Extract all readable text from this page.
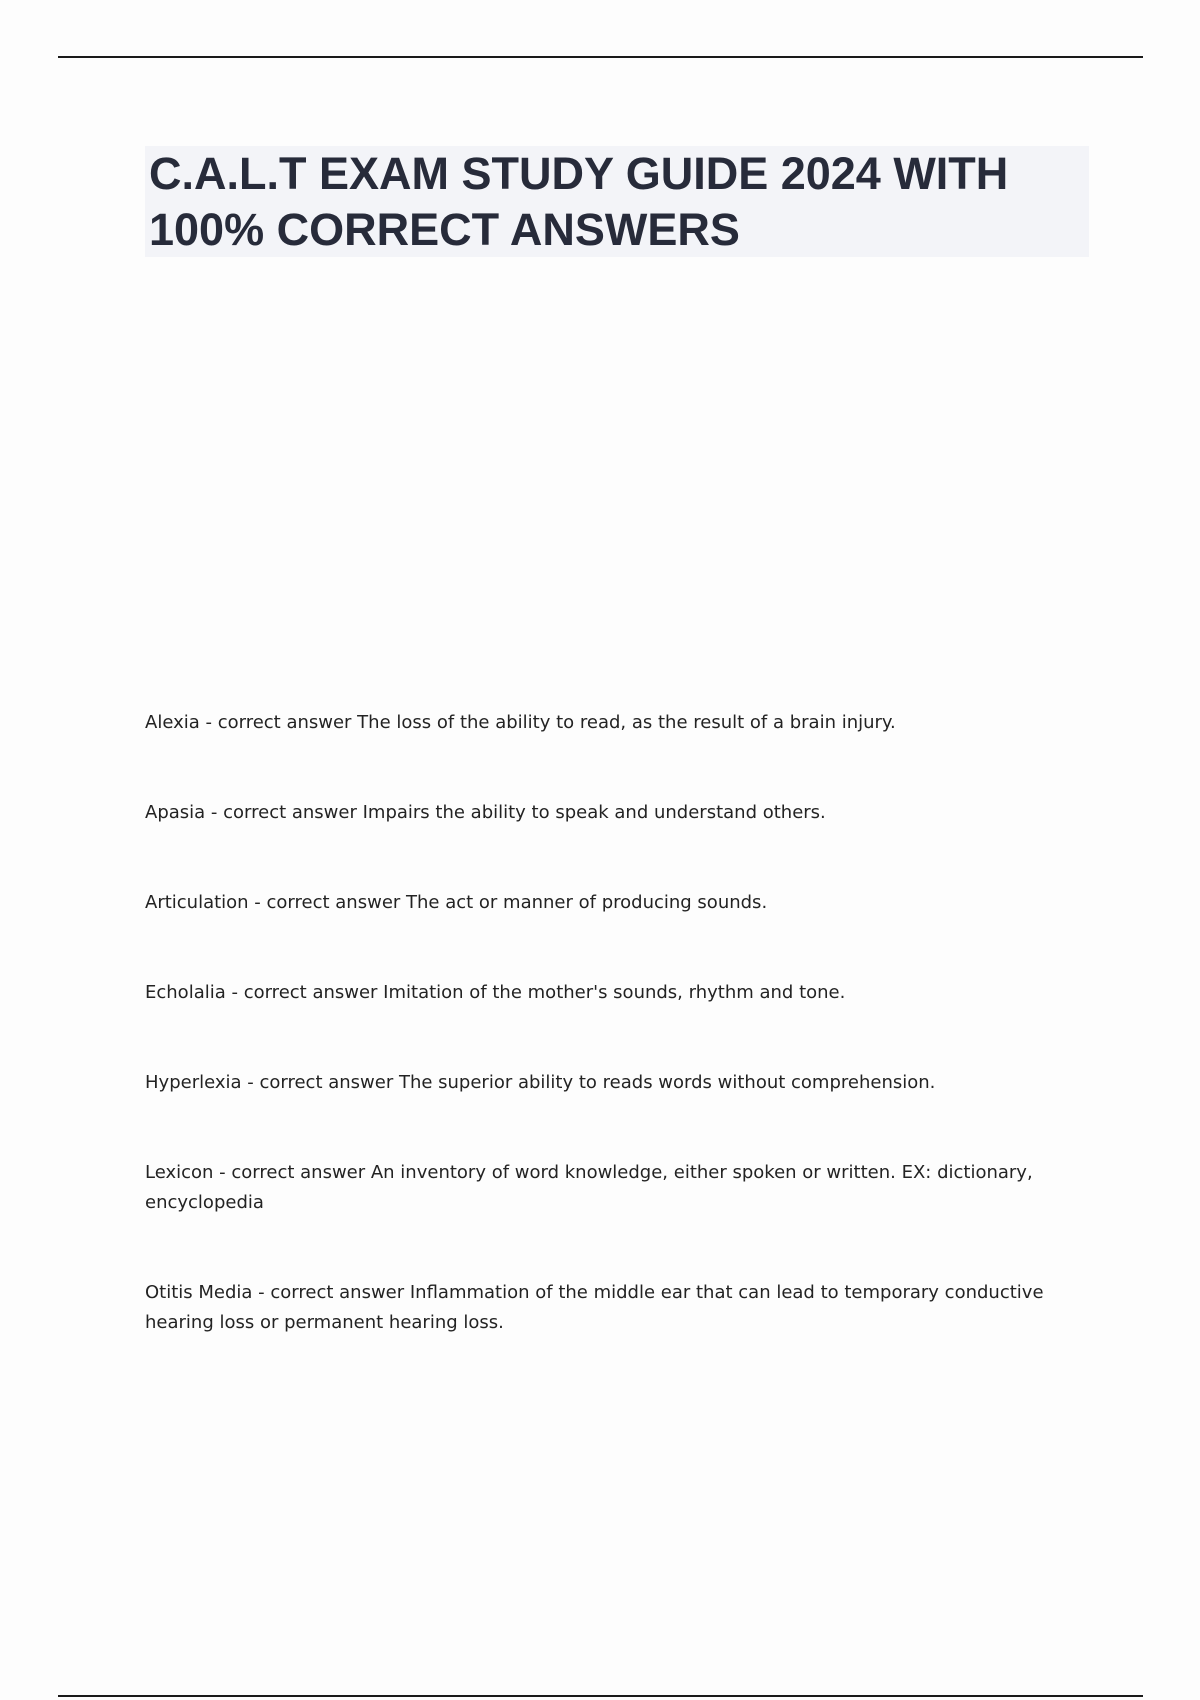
C.A.L.T EXAM STUDY GUIDE 2024 WITH 100% CORRECT ANSWERS

Alexia - correct answer The loss of the ability to read, as the result of a brain injury.

Apasia - correct answer Impairs the ability to speak and understand others.

Articulation - correct answer The act or manner of producing sounds.

Echolalia - correct answer Imitation of the mother's sounds, rhythm and tone.

Hyperlexia - correct answer The superior ability to reads words without comprehension.

Lexicon - correct answer An inventory of word knowledge, either spoken or written. EX: dictionary, encyclopedia

Otitis Media - correct answer Inflammation of the middle ear that can lead to temporary conductive hearing loss or permanent hearing loss.
